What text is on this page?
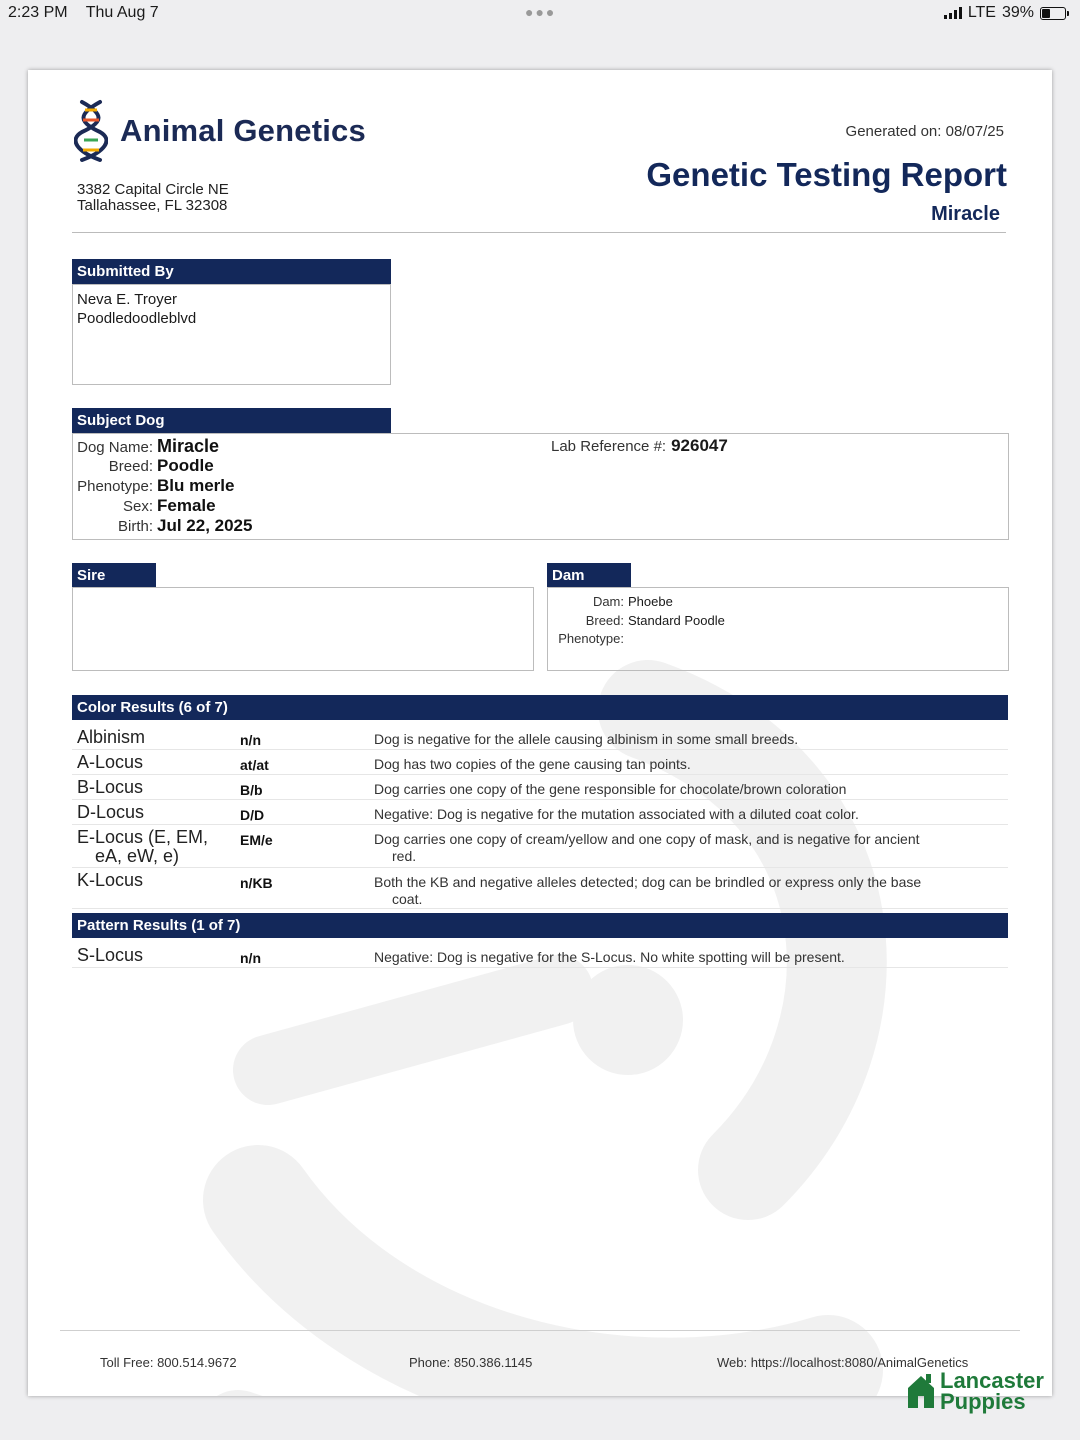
2:23 PM Thu Aug 7	●●●	LTE 39%
Animal Genetics
3382 Capital Circle NE
Tallahassee, FL 32308
Generated on: 08/07/25
Genetic Testing Report
Miracle
Submitted By
Neva E. Troyer
Poodledoodleblvd
Subject Dog
Dog Name: Miracle
Breed: Poodle
Phenotype: Blu merle
Sex: Female
Birth: Jul 22, 2025
Lab Reference #: 926047
Sire	Dam
Dam: Phoebe
Breed: Standard Poodle
Phenotype:
Color Results (6 of 7)
Albinism	n/n	Dog is negative for the allele causing albinism in some small breeds.
A-Locus	at/at	Dog has two copies of the gene causing tan points.
B-Locus	B/b	Dog carries one copy of the gene responsible for chocolate/brown coloration
D-Locus	D/D	Negative: Dog is negative for the mutation associated with a diluted coat color.
E-Locus (E, EM,
eA, eW, e)
EM/e	Dog carries one copy of cream/yellow and one copy of mask, and is negative for ancient
red.
K-Locus	n/KB	Both the KB and negative alleles detected; dog can be brindled or express only the base
coat.
Pattern Results (1 of 7)
S-Locus	n/n	Negative: Dog is negative for the S-Locus. No white spotting will be present.
Toll Free: 800.514.9672	Phone: 850.386.1145	Web: https://localhost:8080/AnimalGenetics
Lancaster
Puppies
